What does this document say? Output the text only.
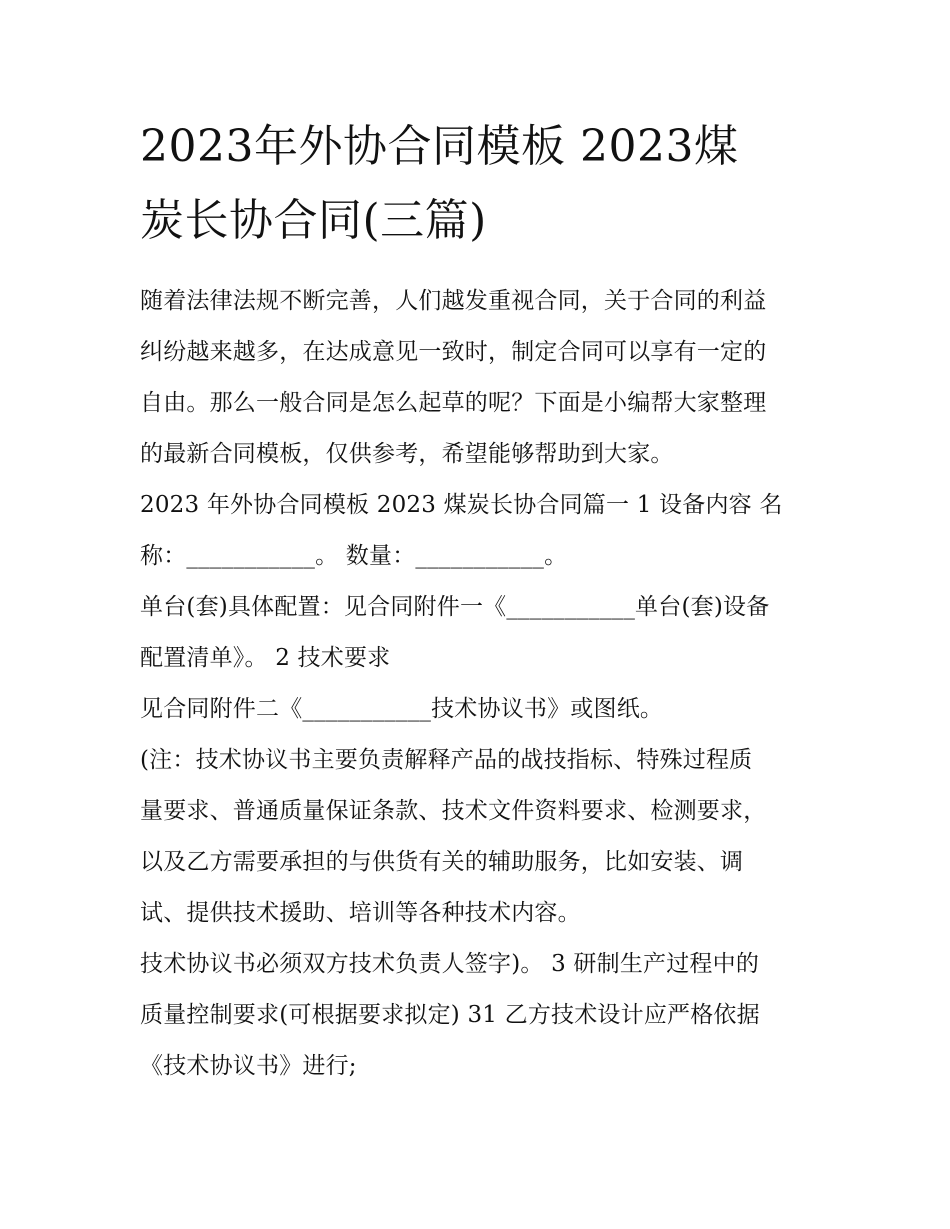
2023年外协合同模板 2023煤
炭长协合同(三篇)
随着法律法规不断完善，人们越发重视合同，关于合同的利益
纠纷越来越多，在达成意见一致时，制定合同可以享有一定的
自由。那么一般合同是怎么起草的呢？下面是小编帮大家整理
的最新合同模板，仅供参考，希望能够帮助到大家。
2023 年外协合同模板 2023 煤炭长协合同篇一 1 设备内容 名
称：___________。 数量：___________。
单台(套)具体配置：见合同附件一《___________单台(套)设备
配置清单》。 2 技术要求
见合同附件二《___________技术协议书》或图纸。
(注：技术协议书主要负责解释产品的战技指标、特殊过程质
量要求、普通质量保证条款、技术文件资料要求、检测要求，
以及乙方需要承担的与供货有关的辅助服务，比如安装、调
试、提供技术援助、培训等各种技术内容。
技术协议书必须双方技术负责人签字)。 3 研制生产过程中的
质量控制要求(可根据要求拟定) 31 乙方技术设计应严格依据
《技术协议书》进行;
